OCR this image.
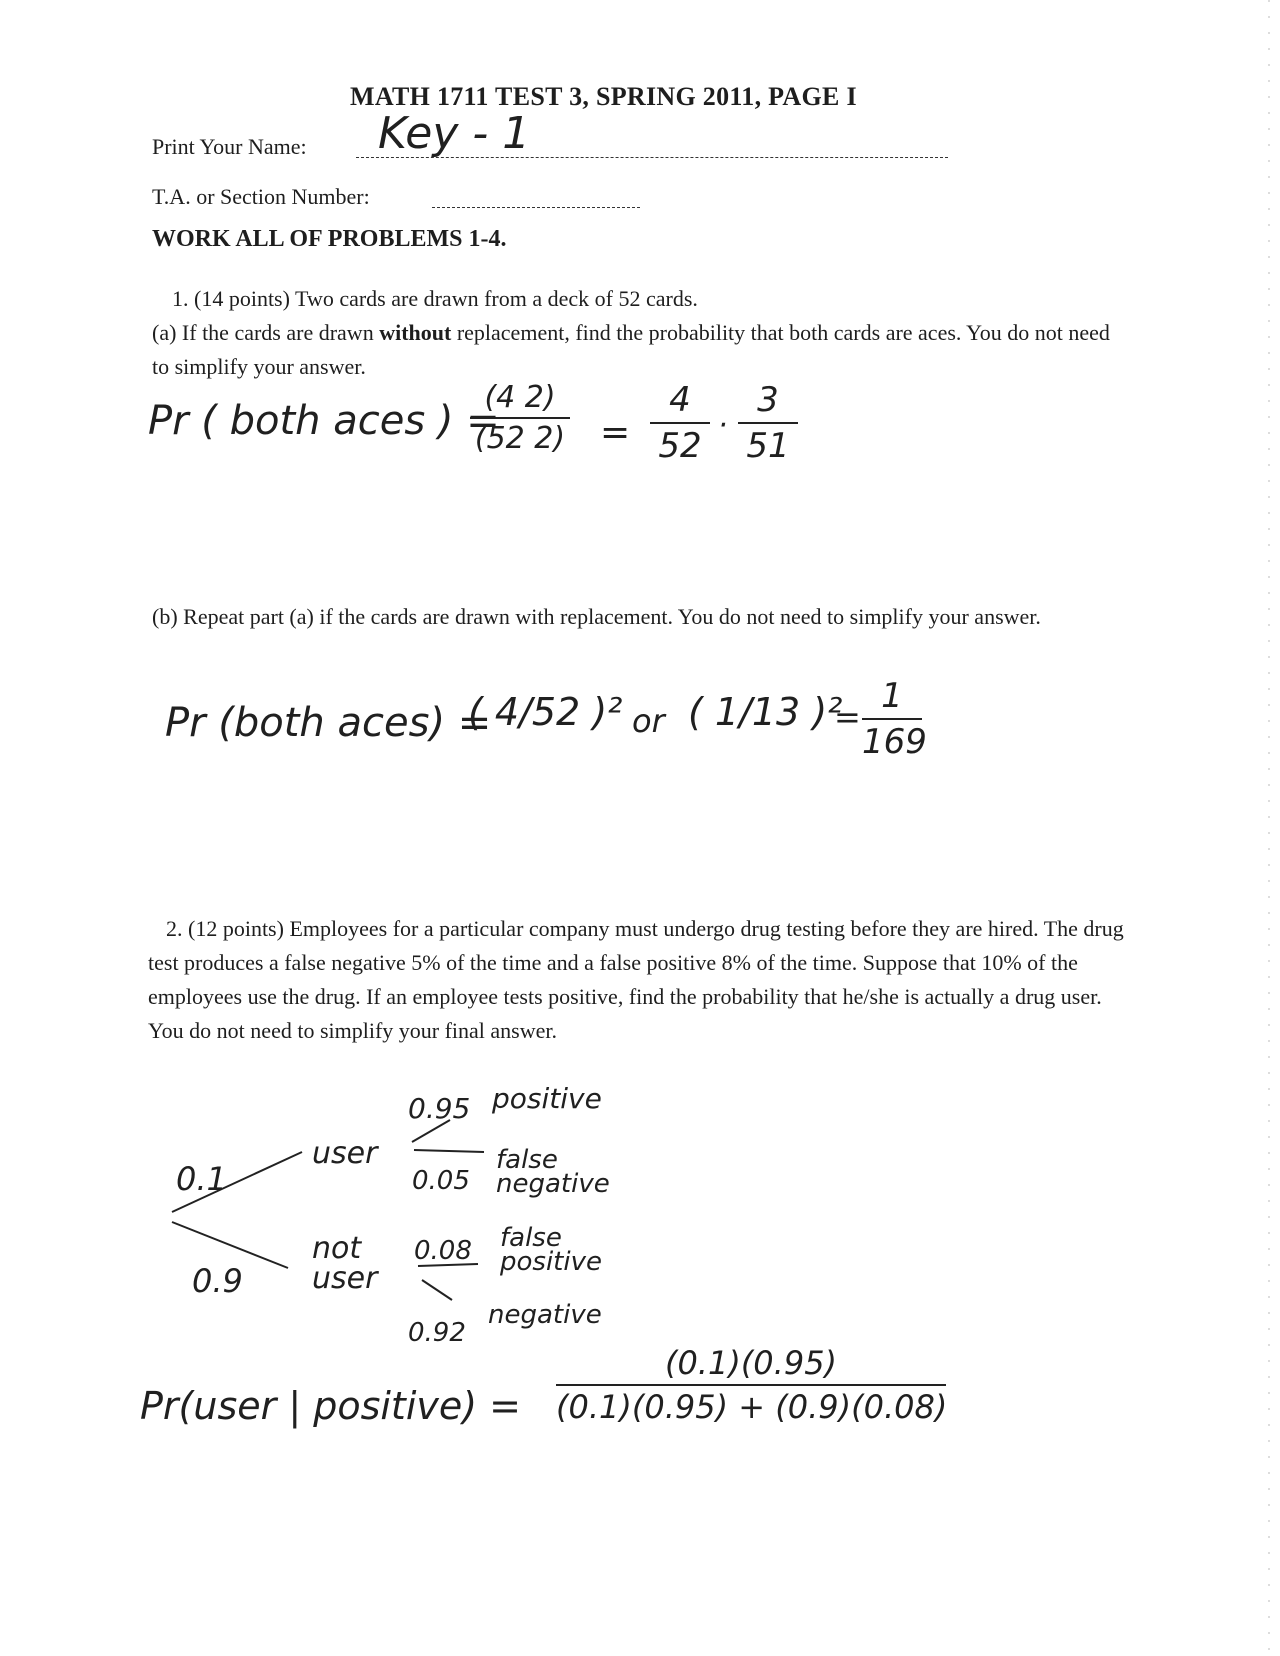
MATH 1711 TEST 3, SPRING 2011, PAGE I
Print Your Name: Key - 1
T.A. or Section Number:
WORK ALL OF PROBLEMS 1-4.
1. (14 points) Two cards are drawn from a deck of 52 cards.
(a) If the cards are drawn without replacement, find the probability that both cards are aces. You do not need to simplify your answer.
Pr ( both aces ) =
(4 2)
(52 2) =
4
52
·
3
51
(b) Repeat part (a) if the cards are drawn with replacement. You do not need to simplify your answer.
Pr (both aces) =
( 4/52 )² or ( 1/13 )²
=
1
169
2. (12 points) Employees for a particular company must undergo drug testing before they are hired. The drug test produces a false negative 5% of the time and a false positive 8% of the time. Suppose that 10% of the employees use the drug. If an employee tests positive, find the probability that he/she is actually a drug user. You do not need to simplify your final answer.
0.1
user
0.95 positive
0.05
false negative
0.9
not user
0.08 false positive
0.92
negative
Pr(user | positive) =
(0.1)(0.95)
(0.1)(0.95) + (0.9)(0.08)
